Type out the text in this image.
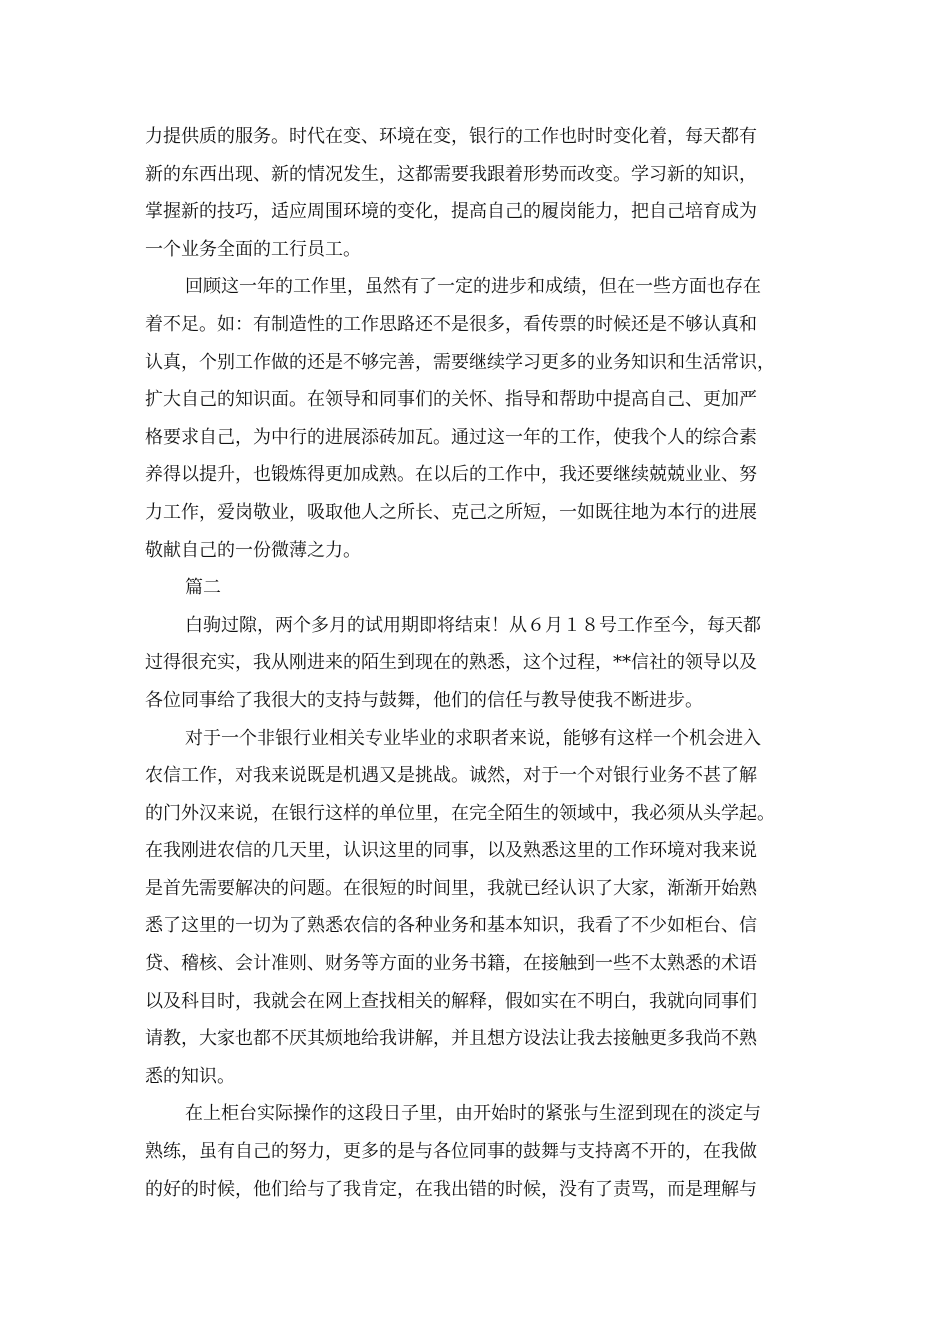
力提供质的服务。时代在变、环境在变，银行的工作也时时变化着，每天都有
新的东西出现、新的情况发生，这都需要我跟着形势而改变。学习新的知识，
掌握新的技巧，适应周围环境的变化，提高自己的履岗能力，把自己培育成为
一个业务全面的工行员工。
回顾这一年的工作里，虽然有了一定的进步和成绩，但在一些方面也存在
着不足。如：有制造性的工作思路还不是很多，看传票的时候还是不够认真和
认真，个别工作做的还是不够完善，需要继续学习更多的业务知识和生活常识，
扩大自己的知识面。在领导和同事们的关怀、指导和帮助中提高自己、更加严
格要求自己，为中行的进展添砖加瓦。通过这一年的工作，使我个人的综合素
养得以提升，也锻炼得更加成熟。在以后的工作中，我还要继续兢兢业业、努
力工作，爱岗敬业，吸取他人之所长、克己之所短，一如既往地为本行的进展
敬献自己的一份微薄之力。
篇二
白驹过隙，两个多月的试用期即将结束！从６月１８号工作至今，每天都
过得很充实，我从刚进来的陌生到现在的熟悉，这个过程，**信社的领导以及
各位同事给了我很大的支持与鼓舞，他们的信任与教导使我不断进步。
对于一个非银行业相关专业毕业的求职者来说，能够有这样一个机会进入
农信工作，对我来说既是机遇又是挑战。诚然，对于一个对银行业务不甚了解
的门外汉来说，在银行这样的单位里，在完全陌生的领域中，我必须从头学起。
在我刚进农信的几天里，认识这里的同事，以及熟悉这里的工作环境对我来说
是首先需要解决的问题。在很短的时间里，我就已经认识了大家，渐渐开始熟
悉了这里的一切为了熟悉农信的各种业务和基本知识，我看了不少如柜台、信
贷、稽核、会计准则、财务等方面的业务书籍，在接触到一些不太熟悉的术语
以及科目时，我就会在网上查找相关的解释，假如实在不明白，我就向同事们
请教，大家也都不厌其烦地给我讲解，并且想方设法让我去接触更多我尚不熟
悉的知识。
在上柜台实际操作的这段日子里，由开始时的紧张与生涩到现在的淡定与
熟练，虽有自己的努力，更多的是与各位同事的鼓舞与支持离不开的，在我做
的好的时候，他们给与了我肯定，在我出错的时候，没有了责骂，而是理解与
